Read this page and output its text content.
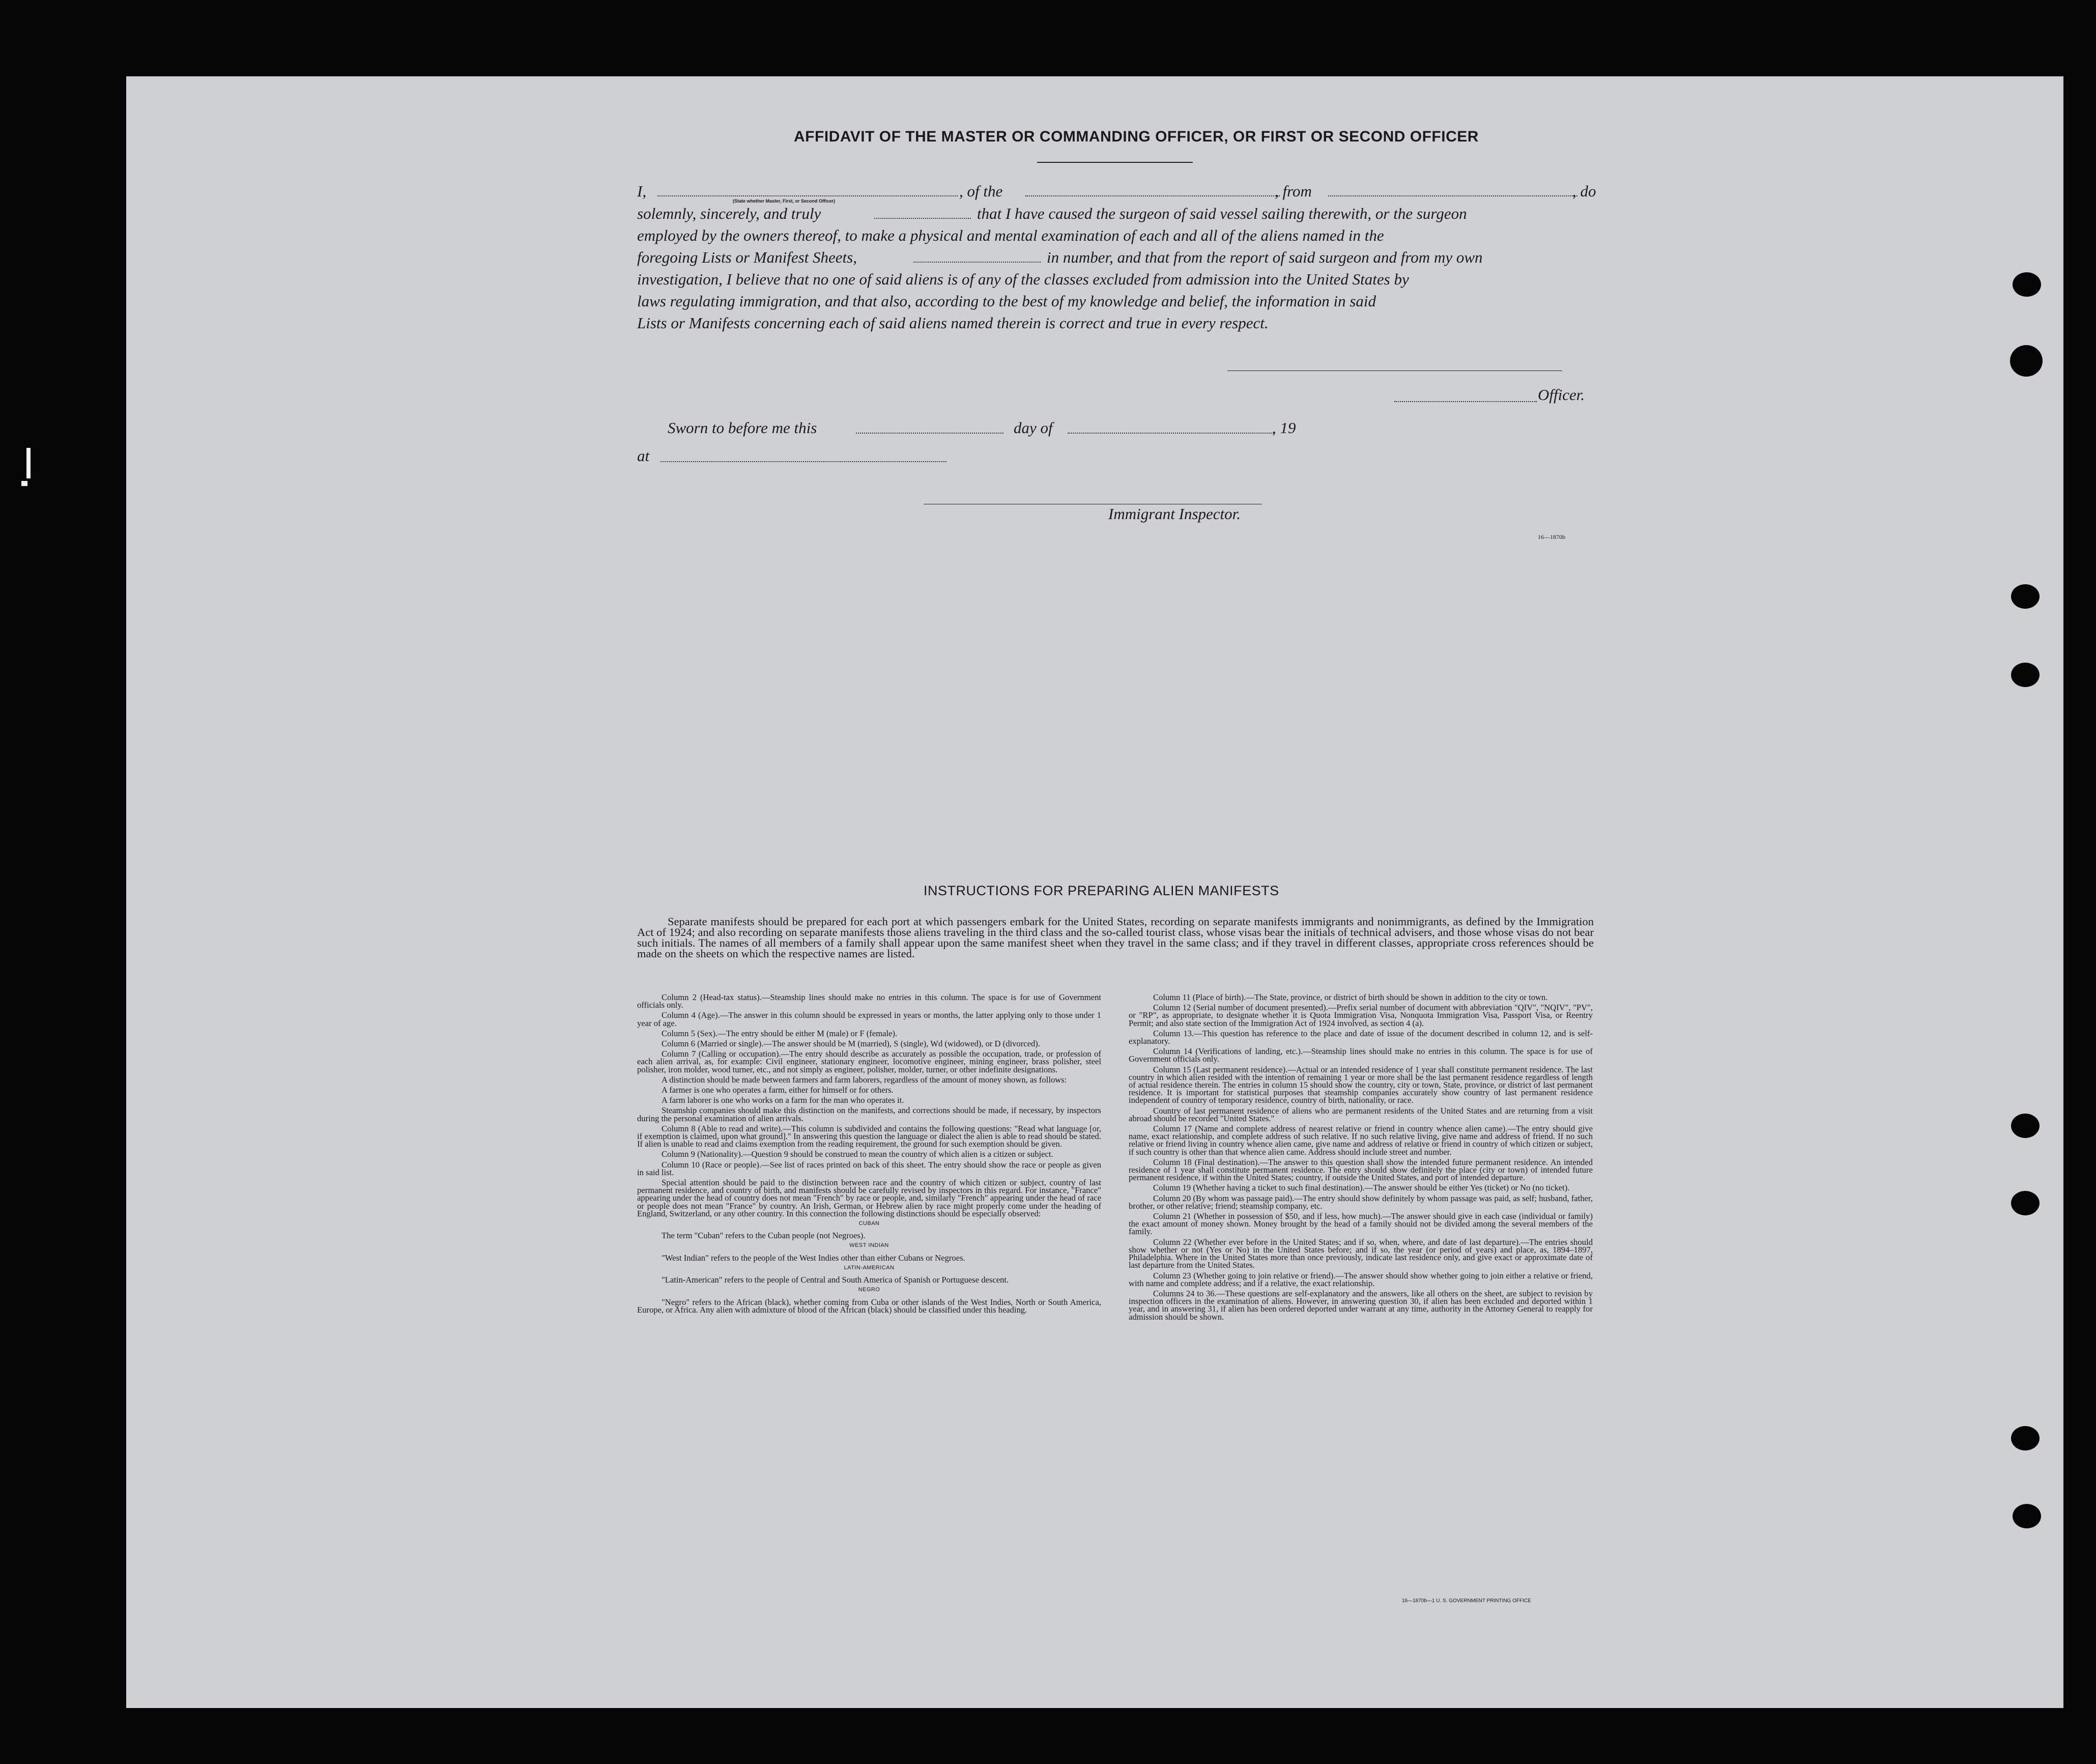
AFFIDAVIT OF THE MASTER OR COMMANDING OFFICER, OR FIRST OR SECOND OFFICER
I,	, of the	, from	, do
(State whether Master, First, or Second Officer)
solemnly, sincerely, and truly	that I have caused the surgeon of said vessel sailing therewith, or the surgeon
employed by the owners thereof, to make a physical and mental examination of each and all of the aliens named in the
foregoing Lists or Manifest Sheets,	in number, and that from the report of said surgeon and from my own
investigation, I believe that no one of said aliens is of any of the classes excluded from admission into the United States by
laws regulating immigration, and that also, according to the best of my knowledge and belief, the information in said
Lists or Manifests concerning each of said aliens named therein is correct and true in every respect.
Officer.
Sworn to before me this	day of	, 19
at
Immigrant Inspector.
16—1870b
INSTRUCTIONS FOR PREPARING ALIEN MANIFESTS
Separate manifests should be prepared for each port at which passengers embark for the United States, recording on separate manifests immigrants and nonimmigrants, as defined by the Immigration Act of 1924; and also recording on separate manifests those aliens traveling in the third class and the so-called tourist class, whose visas bear the initials of technical advisers, and those whose visas do not bear such initials. The names of all members of a family shall appear upon the same manifest sheet when they travel in the same class; and if they travel in different classes, appropriate cross references should be made on the sheets on which the respective names are listed.

Column 2 (Head-tax status).—Steamship lines should make no entries in this column. The space is for use of Government officials only.

Column 4 (Age).—The answer in this column should be expressed in years or months, the latter applying only to those under 1 year of age.

Column 5 (Sex).—The entry should be either M (male) or F (female).

Column 6 (Married or single).—The answer should be M (married), S (single), Wd (widowed), or D (divorced).

Column 7 (Calling or occupation).—The entry should describe as accurately as possible the occupation, trade, or profession of each alien arrival, as, for example: Civil engineer, stationary engineer, locomotive engineer, mining engineer, brass polisher, steel polisher, iron molder, wood turner, etc., and not simply as engineer, polisher, molder, turner, or other indefinite designations.

A distinction should be made between farmers and farm laborers, regardless of the amount of money shown, as follows:

A farmer is one who operates a farm, either for himself or for others.

A farm laborer is one who works on a farm for the man who operates it.

Steamship companies should make this distinction on the manifests, and corrections should be made, if necessary, by inspectors during the personal examination of alien arrivals.

Column 8 (Able to read and write).—This column is subdivided and contains the following questions: "Read what language [or, if exemption is claimed, upon what ground]." In answering this question the language or dialect the alien is able to read should be stated. If alien is unable to read and claims exemption from the reading requirement, the ground for such exemption should be given.

Column 9 (Nationality).—Question 9 should be construed to mean the country of which alien is a citizen or subject.

Column 10 (Race or people).—See list of races printed on back of this sheet. The entry should show the race or people as given in said list.

Special attention should be paid to the distinction between race and the country of which citizen or subject, country of last permanent residence, and country of birth, and manifests should be carefully revised by inspectors in this regard. For instance, "France" appearing under the head of country does not mean "French" by race or people, and, similarly "French" appearing under the head of race or people does not mean "France" by country. An Irish, German, or Hebrew alien by race might properly come under the heading of England, Switzerland, or any other country. In this connection the following distinctions should be especially observed:

CUBAN

The term "Cuban" refers to the Cuban people (not Negroes).

WEST INDIAN

"West Indian" refers to the people of the West Indies other than either Cubans or Negroes.

LATIN-AMERICAN

"Latin-American" refers to the people of Central and South America of Spanish or Portuguese descent.

NEGRO

"Negro" refers to the African (black), whether coming from Cuba or other islands of the West Indies, North or South America, Europe, or Africa. Any alien with admixture of blood of the African (black) should be classified under this heading.

Column 11 (Place of birth).—The State, province, or district of birth should be shown in addition to the city or town.

Column 12 (Serial number of document presented).—Prefix serial number of document with abbreviation "QIV", "NQIV", "PV", or "RP", as appropriate, to designate whether it is Quota Immigration Visa, Nonquota Immigration Visa, Passport Visa, or Reentry Permit; and also state section of the Immigration Act of 1924 involved, as section 4 (a).

Column 13.—This question has reference to the place and date of issue of the document described in column 12, and is self-explanatory.

Column 14 (Verifications of landing, etc.).—Steamship lines should make no entries in this column. The space is for use of Government officials only.

Column 15 (Last permanent residence).—Actual or an intended residence of 1 year shall constitute permanent residence. The last country in which alien resided with the intention of remaining 1 year or more shall be the last permanent residence regardless of length of actual residence therein. The entries in column 15 should show the country, city or town, State, province, or district of last permanent residence. It is important for statistical purposes that steamship companies accurately show country of last permanent residence independent of country of temporary residence, country of birth, nationality, or race.

Country of last permanent residence of aliens who are permanent residents of the United States and are returning from a visit abroad should be recorded "United States."

Column 17 (Name and complete address of nearest relative or friend in country whence alien came).—The entry should give name, exact relationship, and complete address of such relative. If no such relative living, give name and address of friend. If no such relative or friend living in country whence alien came, give name and address of relative or friend in country of which citizen or subject, if such country is other than that whence alien came. Address should include street and number.

Column 18 (Final destination).—The answer to this question shall show the intended future permanent residence. An intended residence of 1 year shall constitute permanent residence. The entry should show definitely the place (city or town) of intended future permanent residence, if within the United States; country, if outside the United States, and port of intended departure.

Column 19 (Whether having a ticket to such final destination).—The answer should be either Yes (ticket) or No (no ticket).

Column 20 (By whom was passage paid).—The entry should show definitely by whom passage was paid, as self; husband, father, brother, or other relative; friend; steamship company, etc.

Column 21 (Whether in possession of $50, and if less, how much).—The answer should give in each case (individual or family) the exact amount of money shown. Money brought by the head of a family should not be divided among the several members of the family.

Column 22 (Whether ever before in the United States; and if so, when, where, and date of last departure).—The entries should show whether or not (Yes or No) in the United States before; and if so, the year (or period of years) and place, as, 1894–1897, Philadelphia. Where in the United States more than once previously, indicate last residence only, and give exact or approximate date of last departure from the United States.

Column 23 (Whether going to join relative or friend).—The answer should show whether going to join either a relative or friend, with name and complete address; and if a relative, the exact relationship.

Columns 24 to 36.—These questions are self-explanatory and the answers, like all others on the sheet, are subject to revision by inspection officers in the examination of aliens. However, in answering question 30, if alien has been excluded and deported within 1 year, and in answering 31, if alien has been ordered deported under warrant at any time, authority in the Attorney General to reapply for admission should be shown.

16—1870b—1 U. S. GOVERNMENT PRINTING OFFICE
